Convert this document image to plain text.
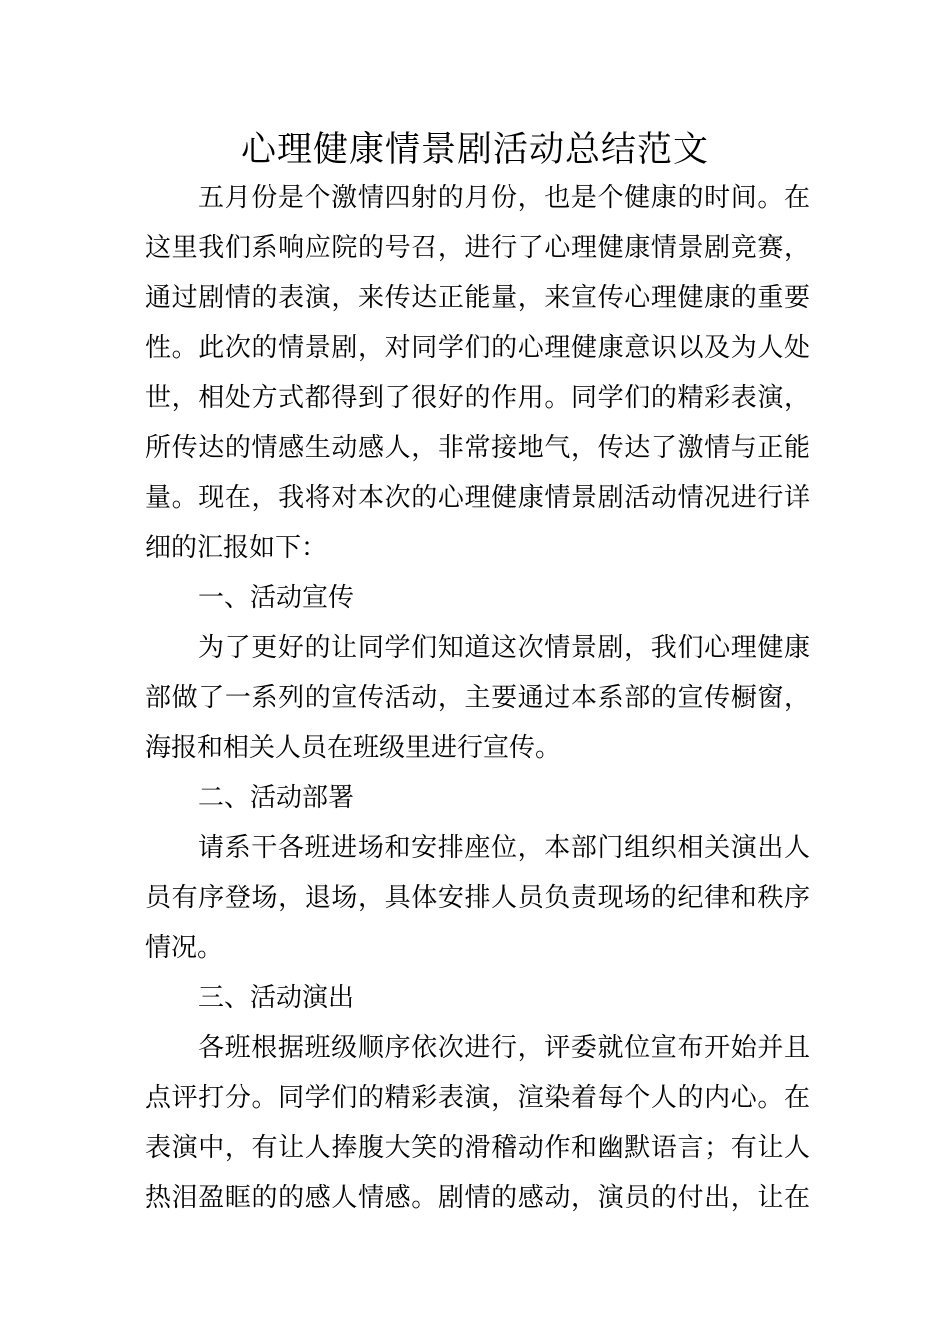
心理健康情景剧活动总结范文
五月份是个激情四射的月份，也是个健康的时间。在
这里我们系响应院的号召，进行了心理健康情景剧竞赛，
通过剧情的表演，来传达正能量，来宣传心理健康的重要
性。此次的情景剧，对同学们的心理健康意识以及为人处
世，相处方式都得到了很好的作用。同学们的精彩表演，
所传达的情感生动感人，非常接地气，传达了激情与正能
量。现在，我将对本次的心理健康情景剧活动情况进行详
细的汇报如下：
一、活动宣传
为了更好的让同学们知道这次情景剧，我们心理健康
部做了一系列的宣传活动，主要通过本系部的宣传橱窗，
海报和相关人员在班级里进行宣传。
二、活动部署
请系干各班进场和安排座位，本部门组织相关演出人
员有序登场，退场，具体安排人员负责现场的纪律和秩序
情况。
三、活动演出
各班根据班级顺序依次进行，评委就位宣布开始并且
点评打分。同学们的精彩表演，渲染着每个人的内心。在
表演中，有让人捧腹大笑的滑稽动作和幽默语言；有让人
热泪盈眶的的感人情感。剧情的感动，演员的付出，让在
